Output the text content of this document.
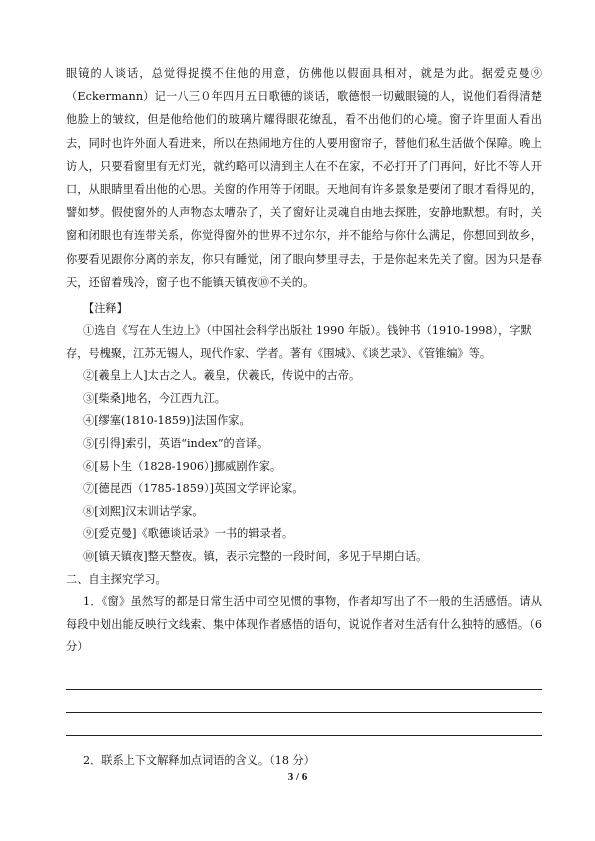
眼镜的人谈话，总觉得捉摸不住他的用意，仿佛他以假面具相对，就是为此。据爱克曼⑨（Eckermann）记一八三０年四月五日歌德的谈话，歌德恨一切戴眼镜的人，说他们看得清楚他脸上的皱纹，但是他给他们的玻璃片耀得眼花缭乱，看不出他们的心境。窗子许里面人看出去，同时也许外面人看进来，所以在热闹地方住的人要用窗帘子，替他们私生活做个保障。晚上访人，只要看窗里有无灯光，就约略可以清到主人在不在家，不必打开了门再问，好比不等人开口，从眼睛里看出他的心思。关窗的作用等于闭眼。天地间有许多景象是要闭了眼才看得见的，譬如梦。假使窗外的人声物态太嘈杂了，关了窗好让灵魂自由地去探胜，安静地默想。有时，关窗和闭眼也有连带关系，你觉得窗外的世界不过尔尔，并不能给与你什么满足，你想回到故乡，你要看见跟你分离的亲友，你只有睡觉，闭了眼向梦里寻去，于是你起来先关了窗。因为只是春天，还留着残冷，窗子也不能镇天镇夜⑩不关的。

【注释】

①选自《写在人生边上》（中国社会科学出版社 1990 年版）。钱钟书（1910-1998），字默存，号槐聚，江苏无锡人，现代作家、学者。著有《围城》、《谈艺录》、《管锥编》等。

②[羲皇上人]太古之人。羲皇，伏羲氏，传说中的古帝。

③[柴桑]地名，今江西九江。

④[缪塞(1810-1859)]法国作家。

⑤[引得]索引，英语“index”的音译。

⑥[易卜生（1828-1906）]挪威剧作家。

⑦[德昆西（1785-1859）]英国文学评论家。

⑧[刘熙]汉末训诂学家。

⑨[爱克曼]《歌德谈话录》一书的辑录者。

⑩[镇天镇夜]整天整夜。镇，表示完整的一段时间，多见于早期白话。

二、自主探究学习。

1．《窗》虽然写的都是日常生活中司空见惯的事物，作者却写出了不一般的生活感悟。请从每段中划出能反映行文线索、集中体现作者感悟的语句，说说作者对生活有什么独特的感悟。（6 分）

2．联系上下文解释加点词语的含义。（18 分）

3 / 6
